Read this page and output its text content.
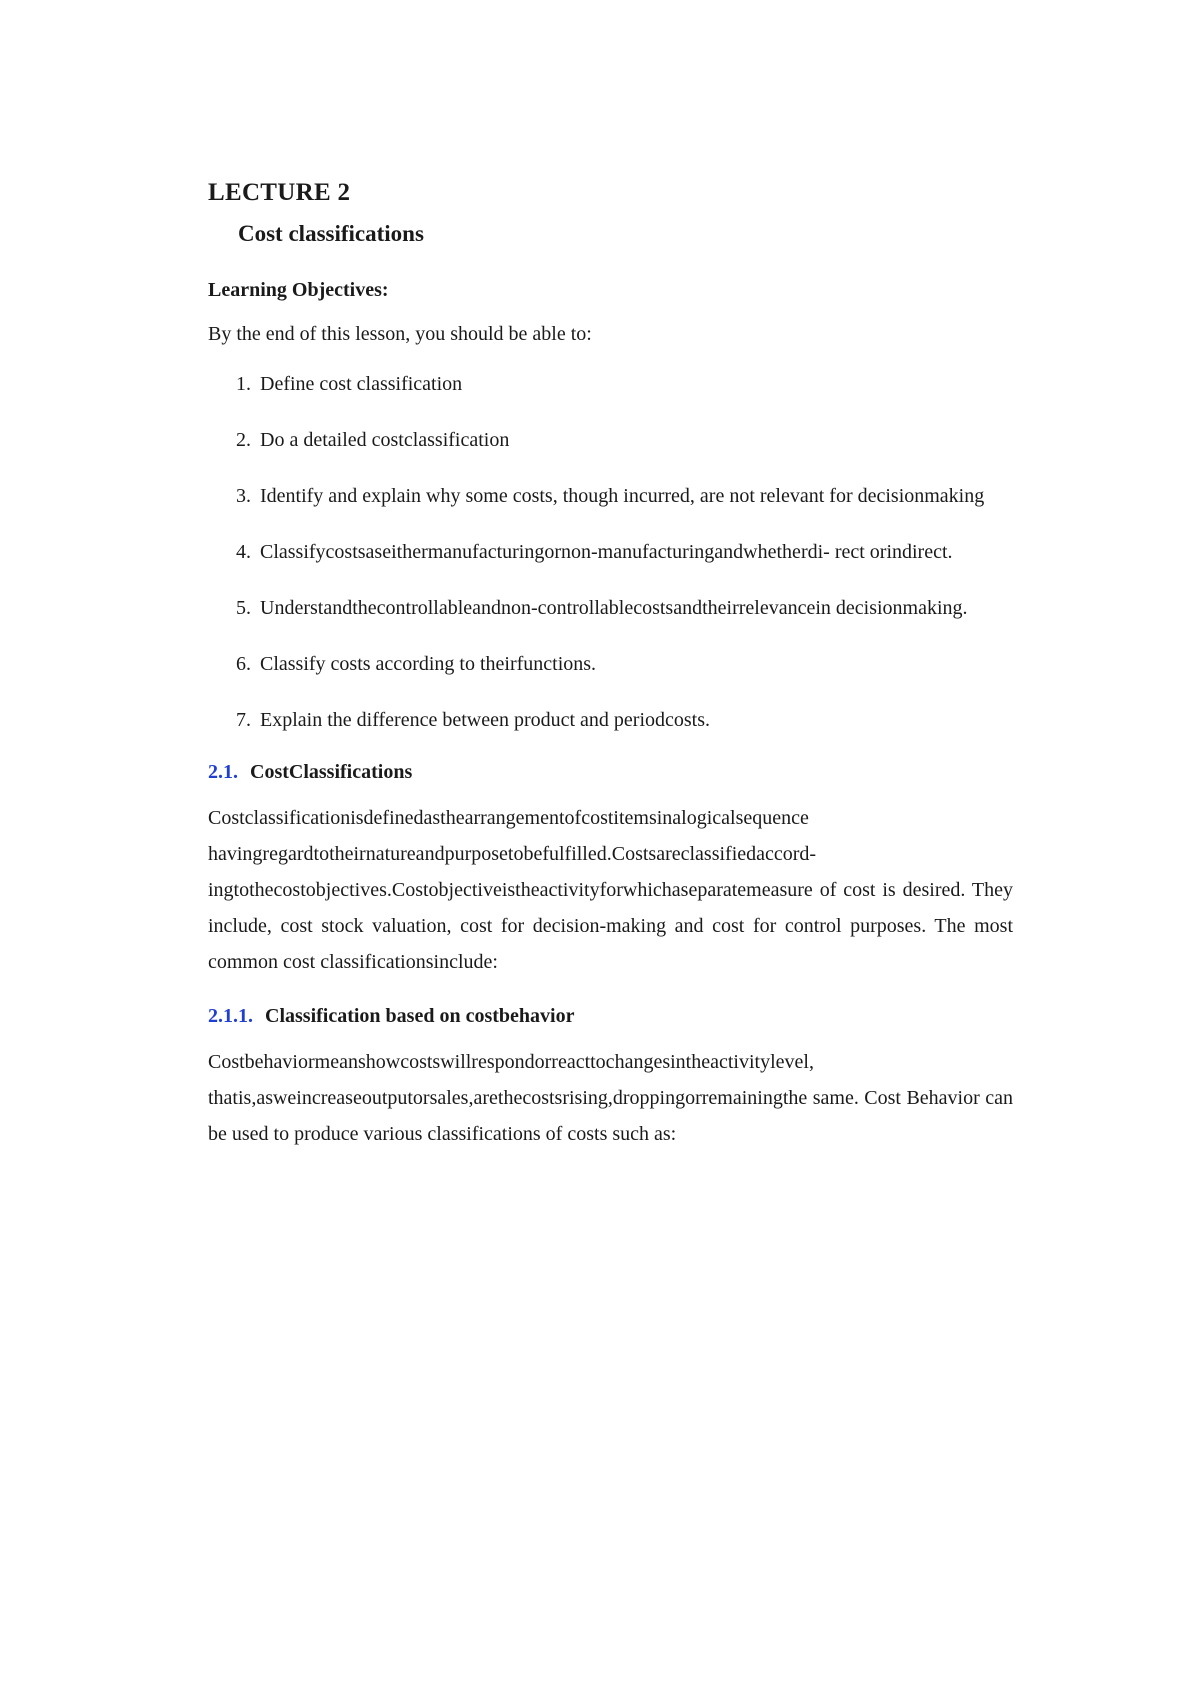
LECTURE 2
Cost classifications
Learning Objectives:

By the end of this lesson, you should be able to:

1. Define cost classification
2. Do a detailed costclassification
3. Identify and explain why some costs, though incurred, are not relevant for decisionmaking
4. Classifycostsaseithermanufacturingornon-manufacturingandwhetherdi- rect orindirect.
5. Understandthecontrollableandnon-controllablecostsandtheirrelevancein decisionmaking.
6. Classify costs according to theirfunctions.
7. Explain the difference between product and periodcosts.
2.1. CostClassifications

Costclassificationisdefinedasthearrangementofcostitemsinalogicalsequence havingregardtotheirnatureandpurposetobefulfilled.Costsareclassifiedaccord- ingtothecostobjectives.Costobjectiveistheactivityforwhichaseparatemeasure of cost is desired. They include, cost stock valuation, cost for decision-making and cost for control purposes. The most common cost classificationsinclude:

2.1.1. Classification based on costbehavior

Costbehaviormeanshowcostswillrespondorreacttochangesintheactivitylevel, thatis,asweincreaseoutputorsales,arethecostsrising,droppingorremainingthe same. Cost Behavior can be used to produce various classifications of costs such as:
